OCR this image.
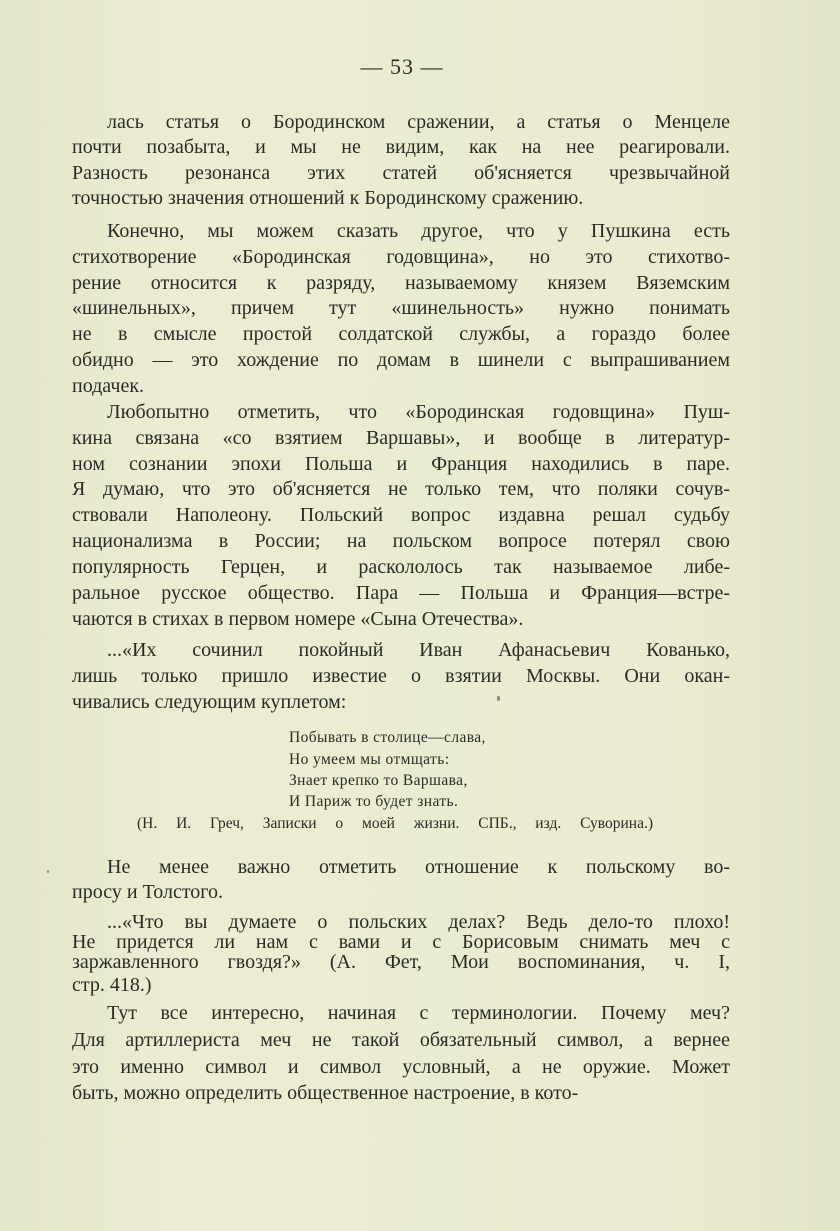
— 53 —
лась статья о Бородинском сражении, а статья о Менцеле
почти позабыта, и мы не видим, как на нее реагировали.
Разность резонанса этих статей об'ясняется чрезвычайной
точностью значения отношений к Бородинскому сражению.
Конечно, мы можем сказать другое, что у Пушкина есть
стихотворение «Бородинская годовщина», но это стихотво-
рение относится к разряду, называемому князем Вяземским
«шинельных», причем тут «шинельность» нужно понимать
не в смысле простой солдатской службы, а гораздо более
обидно — это хождение по домам в шинели с выпрашиванием
подачек.
Любопытно отметить, что «Бородинская годовщина» Пуш-
кина связана «со взятием Варшавы», и вообще в литератур-
ном сознании эпохи Польша и Франция находились в паре.
Я думаю, что это об'ясняется не только тем, что поляки сочув-
ствовали Наполеону. Польский вопрос издавна решал судьбу
национализма в России; на польском вопросе потерял свою
популярность Герцен, и раскололось так называемое либе-
ральное русское общество. Пара — Польша и Франция—встре-
чаются в стихах в первом номере «Сына Отечества».
...«Их сочинил покойный Иван Афанасьевич Кованько,
лишь только пришло известие о взятии Москвы. Они окан-
чивались следующим куплетом:
Побывать в столице—слава,
Но умеем мы отмщать:
Знает крепко то Варшава,
И Париж то будет знать.
(Н. И. Греч, Записки о моей жизни. СПБ., изд. Суворина.)
Не менее важно отметить отношение к польскому во-
просу и Толстого.
...«Что вы думаете о польских делах? Ведь дело-то плохо!
Не придется ли нам с вами и с Борисовым снимать меч с
заржавленного гвоздя?» (А. Фет, Мои воспоминания, ч. I,
стр. 418.)
Тут все интересно, начиная с терминологии. Почему меч?
Для артиллериста меч не такой обязательный символ, а вернее
это именно символ и символ условный, а не оружие. Может
быть, можно определить общественное настроение, в кото-
